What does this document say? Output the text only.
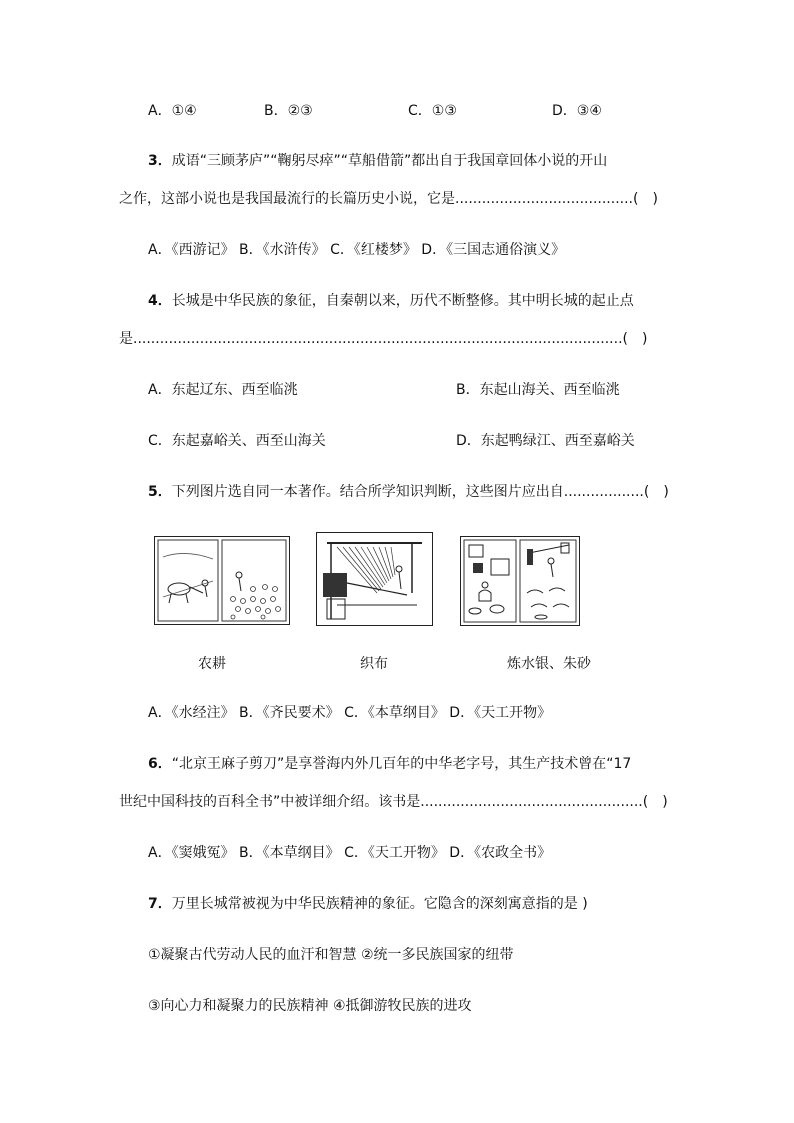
A．①④	B．②③	C．①③	D．③④
3．成语“三顾茅庐”“鞠躬尽瘁”“草船借箭”都出自于我国章回体小说的开山
之作，这部小说也是我国最流行的长篇历史小说，它是........................................(　)
A．《西游记》 B．《水浒传》 C．《红楼梦》 D．《三国志通俗演义》
4．长城是中华民族的象征，自秦朝以来，历代不断整修。其中明长城的起止点
是..............................................................................................................(　)
A．东起辽东、西至临洮	B．东起山海关、西至临洮
C．东起嘉峪关、西至山海关	D．东起鸭绿江、西至嘉峪关
5．下列图片选自同一本著作。结合所学知识判断，这些图片应出自..................(　)
农耕	织布	炼水银、朱砂
A．《水经注》 B．《齐民要术》 C．《本草纲目》 D．《天工开物》
6．“北京王麻子剪刀”是享誉海内外几百年的中华老字号，其生产技术曾在“17
世纪中国科技的百科全书”中被详细介绍。该书是..................................................(　)
A．《窦娥冤》 B．《本草纲目》 C．《天工开物》 D．《农政全书》
7．万里长城常被视为中华民族精神的象征。它隐含的深刻寓意指的是 )
①凝聚古代劳动人民的血汗和智慧 ②统一多民族国家的纽带
③向心力和凝聚力的民族精神 ④抵御游牧民族的进攻
